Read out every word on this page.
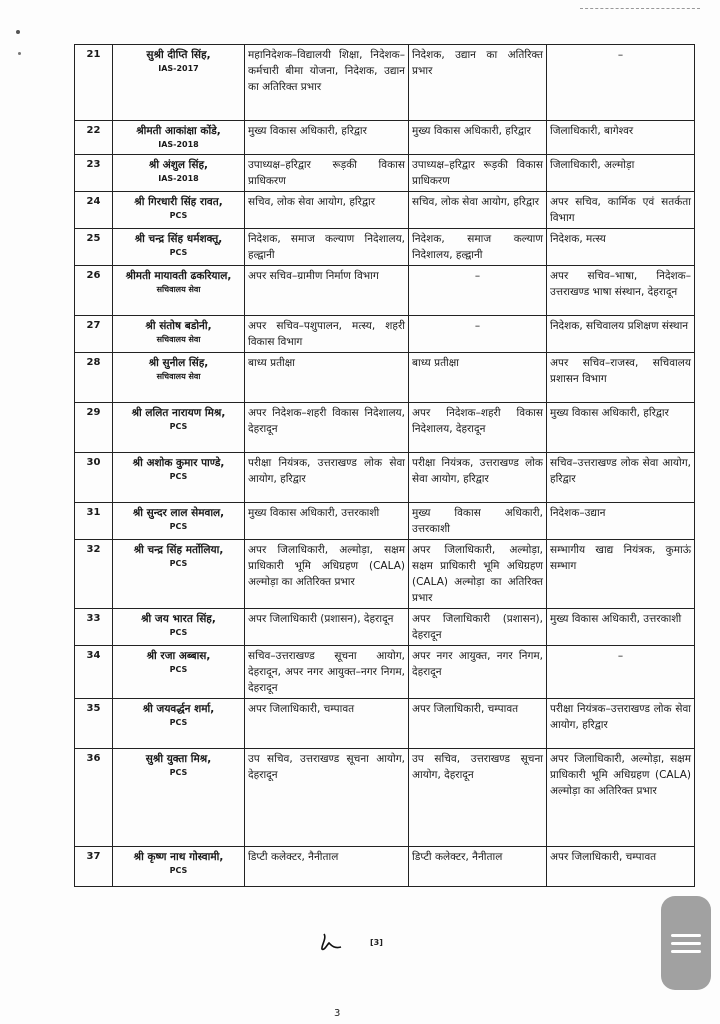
21	सुश्री दीप्ति सिंह,
IAS-2017	महानिदेशक–विद्यालयी शिक्षा, निदेशक–कर्मचारी बीमा योजना, निदेशक, उद्यान का अतिरिक्त प्रभार	निदेशक, उद्यान का अतिरिक्त प्रभार	–

22	श्रीमती आकांक्षा कोंडे,
IAS-2018	मुख्य विकास अधिकारी, हरिद्वार	मुख्य विकास अधिकारी, हरिद्वार	जिलाधिकारी, बागेश्वर

23	श्री अंशुल सिंह,
IAS-2018	उपाध्यक्ष–हरिद्वार रूड़की विकास प्राधिकरण	उपाध्यक्ष–हरिद्वार रूड़की विकास प्राधिकरण	जिलाधिकारी, अल्मोड़ा

24	श्री गिरधारी सिंह रावत,
PCS	सचिव, लोक सेवा आयोग, हरिद्वार	सचिव, लोक सेवा आयोग, हरिद्वार	अपर सचिव, कार्मिक एवं सतर्कता विभाग

25	श्री चन्द्र सिंह धर्मशक्तू,
PCS	निदेशक, समाज कल्याण निदेशालय, हल्द्वानी	निदेशक, समाज कल्याण निदेशालय, हल्द्वानी	निदेशक, मत्स्य

26	श्रीमती मायावती ढकरियाल,
सचिवालय सेवा	अपर सचिव–ग्रामीण निर्माण विभाग	–	अपर सचिव–भाषा, निदेशक–उत्तराखण्ड भाषा संस्थान, देहरादून

27	श्री संतोष बडोनी,
सचिवालय सेवा	अपर सचिव–पशुपालन, मत्स्य, शहरी विकास विभाग	–	निदेशक, सचिवालय प्रशिक्षण संस्थान

28	श्री सुनील सिंह,
सचिवालय सेवा	बाध्य प्रतीक्षा	बाध्य प्रतीक्षा	अपर सचिव–राजस्व, सचिवालय प्रशासन विभाग

29	श्री ललित नारायण मिश्र,
PCS	अपर निदेशक–शहरी विकास निदेशालय, देहरादून	अपर निदेशक–शहरी विकास निदेशालय, देहरादून	मुख्य विकास अधिकारी, हरिद्वार

30	श्री अशोक कुमार पाण्डे,
PCS	परीक्षा नियंत्रक, उत्तराखण्ड लोक सेवा आयोग, हरिद्वार	परीक्षा नियंत्रक, उत्तराखण्ड लोक सेवा आयोग, हरिद्वार	सचिव–उत्तराखण्ड लोक सेवा आयोग, हरिद्वार

31	श्री सुन्दर लाल सेमवाल,
PCS	मुख्य विकास अधिकारी, उत्तरकाशी	मुख्य विकास अधिकारी, उत्तरकाशी	निदेशक–उद्यान

32	श्री चन्द्र सिंह मर्तोलिया,
PCS	अपर जिलाधिकारी, अल्मोड़ा, सक्षम प्राधिकारी भूमि अधिग्रहण (CALA) अल्मोड़ा का अतिरिक्त प्रभार	अपर जिलाधिकारी, अल्मोड़ा, सक्षम प्राधिकारी भूमि अधिग्रहण (CALA) अल्मोड़ा का अतिरिक्त प्रभार	सम्भागीय खाद्य नियंत्रक, कुमाऊं सम्भाग

33	श्री जय भारत सिंह,
PCS	अपर जिलाधिकारी (प्रशासन), देहरादून	अपर जिलाधिकारी (प्रशासन), देहरादून	मुख्य विकास अधिकारी, उत्तरकाशी

34	श्री रजा अब्बास,
PCS	सचिव–उत्तराखण्ड सूचना आयोग, देहरादून, अपर नगर आयुक्त–नगर निगम, देहरादून	अपर नगर आयुक्त, नगर निगम, देहरादून	–

35	श्री जयवर्द्धन शर्मा,
PCS	अपर जिलाधिकारी, चम्पावत	अपर जिलाधिकारी, चम्पावत	परीक्षा नियंत्रक–उत्तराखण्ड लोक सेवा आयोग, हरिद्वार

36	सुश्री युक्ता मिश्र,
PCS	उप सचिव, उत्तराखण्ड सूचना आयोग, देहरादून	उप सचिव, उत्तराखण्ड सूचना आयोग, देहरादून	अपर जिलाधिकारी, अल्मोड़ा, सक्षम प्राधिकारी भूमि अधिग्रहण (CALA) अल्मोड़ा का अतिरिक्त प्रभार

37	श्री कृष्ण नाथ गोस्वामी,
PCS	डिप्टी कलेक्टर, नैनीताल	डिप्टी कलेक्टर, नैनीताल	अपर जिलाधिकारी, चम्पावत
[3]
3
